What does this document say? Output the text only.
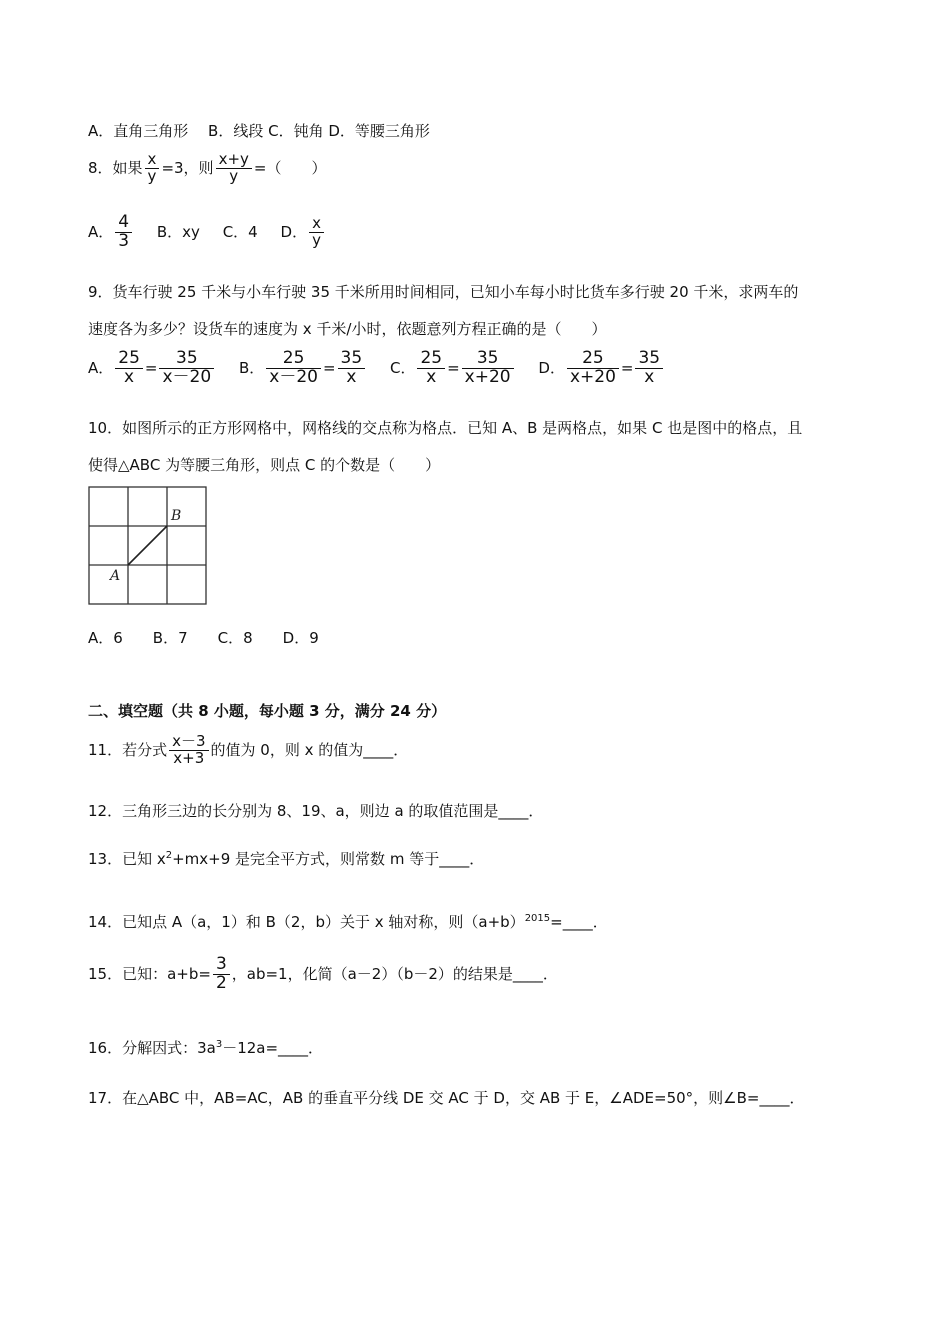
A．直角三角形　 B．线段 C．钝角 D．等腰三角形
8．如果 $\frac{x}{y} =3$，则 $\frac{x+y}{y}$ =（　　）
A． $\frac{4}{3}$ B．xy C．4 D． $\frac{x}{y}$
9．货车行驶 25 千米与小车行驶 35 千米所用时间相同，已知小车每小时比货车多行驶 20 千米，求两车的
速度各为多少？设货车的速度为 x 千米/小时，依题意列方程正确的是（　　）
A． $\frac{25}{x} = \frac{35}{x-20}$ B． $\frac{25}{x-20} = \frac{35}{x}$ C． $\frac{25}{x} = \frac{35}{x+20}$ D． $\frac{25}{x+20} = \frac{35}{x}$
10．如图所示的正方形网格中，网格线的交点称为格点．已知 A、B 是两格点，如果 C 也是图中的格点，且
使得△ABC 为等腰三角形，则点 C 的个数是（　　）
B
A
A．6　　B．7　　C．8　　D．9
二、填空题（共 8 小题，每小题 3 分，满分 24 分）
11．若分式 $\frac{x-3}{x+3}$ 的值为 0，则 x 的值为____．
12．三角形三边的长分别为 8、19、a，则边 a 的取值范围是____．
13．已知 $x^2+mx+9$ 是完全平方式，则常数 m 等于____．
14．已知点 A（a，1）和 B（2，b）关于 x 轴对称，则$(a+b)^{2015}=\_\_\_\_$．
15．已知：$a+b= \frac{3}{2}$ ，ab=1，化简（a－2）（b－2）的结果是____．
16．分解因式：$3a^3-12a=\_\_\_\_$．
17．在△ABC 中，AB=AC，AB 的垂直平分线 DE 交 AC 于 D，交 AB 于 E，∠ADE=50°，则∠B=____．
